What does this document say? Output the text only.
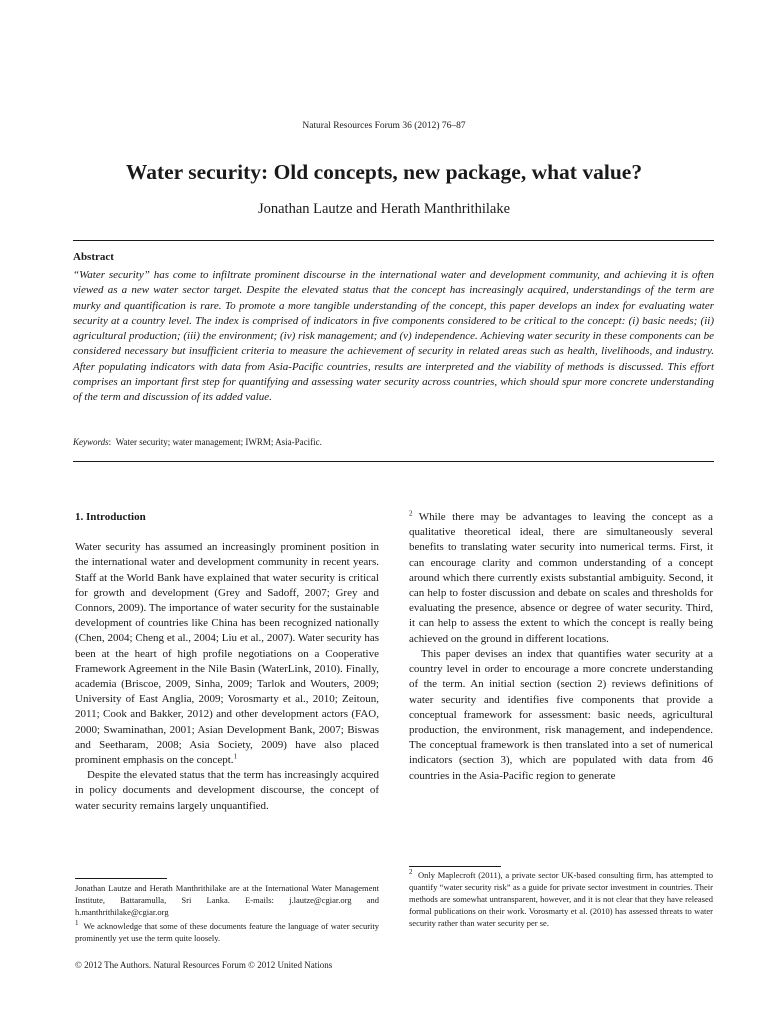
Natural Resources Forum 36 (2012) 76–87
Water security: Old concepts, new package, what value?
Jonathan Lautze and Herath Manthrithilake
Abstract

“Water security” has come to infiltrate prominent discourse in the international water and development community, and achieving it is often viewed as a new water sector target. Despite the elevated status that the concept has increasingly acquired, understandings of the term are murky and quantification is rare. To promote a more tangible understanding of the concept, this paper develops an index for evaluating water security at a country level. The index is comprised of indicators in five components considered to be critical to the concept: (i) basic needs; (ii) agricultural production; (iii) the environment; (iv) risk management; and (v) independence. Achieving water security in these components can be considered necessary but insufficient criteria to measure the achievement of security in related areas such as health, livelihoods, and industry. After populating indicators with data from Asia-Pacific countries, results are interpreted and the viability of methods is discussed. This effort comprises an important first step for quantifying and assessing water security across countries, which should spur more concrete understanding of the term and discussion of its added value.

Keywords:  Water security; water management; IWRM; Asia-Pacific.

1. Introduction

Water security has assumed an increasingly prominent position in the international water and development community in recent years. Staff at the World Bank have explained that water security is critical for growth and development (Grey and Sadoff, 2007; Grey and Connors, 2009). The importance of water security for the sustainable development of countries like China has been recognized nationally (Chen, 2004; Cheng et al., 2004; Liu et al., 2007). Water security has been at the heart of high profile negotiations on a Cooperative Framework Agreement in the Nile Basin (WaterLink, 2010). Finally, academia (Briscoe, 2009, Sinha, 2009; Tarlok and Wouters, 2009; University of East Anglia, 2009; Vorosmarty et al., 2010; Zeitoun, 2011; Cook and Bakker, 2012) and other development actors (FAO, 2000; Swaminathan, 2001; Asian Development Bank, 2007; Biswas and Seetharam, 2008; Asia Society, 2009) have also placed prominent emphasis on the concept.$^1$

Despite the elevated status that the term has increasingly acquired in policy documents and development discourse, the concept of water security remains largely unquantified.

$^2$ While there may be advantages to leaving the concept as a qualitative theoretical ideal, there are simultaneously several benefits to translating water security into numerical terms. First, it can encourage clarity and common understanding of a concept around which there currently exists substantial ambiguity. Second, it can help to foster discussion and debate on scales and thresholds for evaluating the presence, absence or degree of water security. Third, it can help to assess the extent to which the concept is really being achieved on the ground in different locations.

This paper devises an index that quantifies water security at a country level in order to encourage a more concrete understanding of the term. An initial section (section 2) reviews definitions of water security and identifies five components that provide a conceptual framework for assessment: basic needs, agricultural production, the environment, risk management, and independence. The conceptual framework is then translated into a set of numerical indicators (section 3), which are populated with data from 46 countries in the Asia-Pacific region to generate

Jonathan Lautze and Herath Manthrithilake are at the International Water Management Institute, Battaramulla, Sri Lanka. E-mails: j.lautze@cgiar.org and h.manthrithilake@cgiar.org

$^1$ We acknowledge that some of these documents feature the language of water security prominently yet use the term quite loosely.

© 2012 The Authors. Natural Resources Forum © 2012 United Nations

$^2$ Only Maplecroft (2011), a private sector UK-based consulting firm, has attempted to quantify “water security risk” as a guide for private sector investment in countries. Their methods are somewhat untransparent, however, and it is not clear that they have released formal publications on their work. Vorosmarty et al. (2010) has assessed threats to water security rather than water security per se.
